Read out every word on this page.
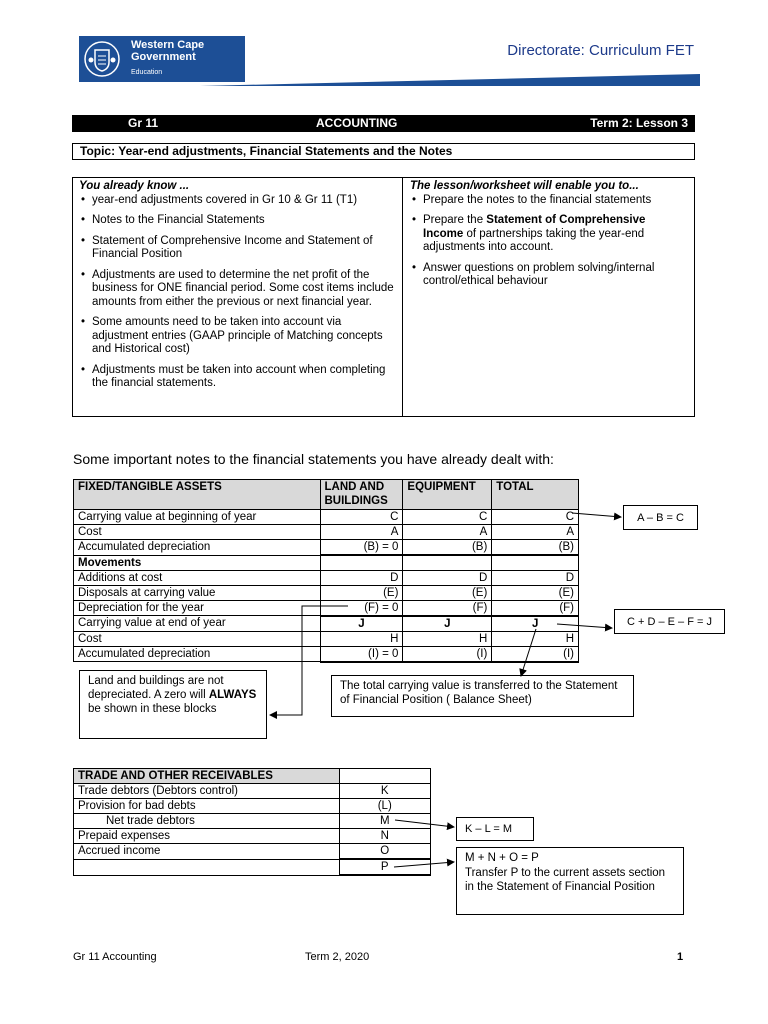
Western Cape
Government
Education
Directorate: Curriculum FET
Gr 11	ACCOUNTING	Term 2: Lesson 3
Topic: Year-end adjustments, Financial Statements and the Notes
You already know ...
• year-end adjustments covered in Gr 10 & Gr 11 (T1)
• Notes to the Financial Statements
• Statement of Comprehensive Income and Statement of Financial Position
• Adjustments are used to determine the net profit of the business for ONE financial period. Some cost items include amounts from either the previous or next financial year.
• Some amounts need to be taken into account via adjustment entries (GAAP principle of Matching concepts and Historical cost)
• Adjustments must be taken into account when completing the financial statements.
The lesson/worksheet will enable you to...
• Prepare the notes to the financial statements
• Prepare the Statement of Comprehensive Income of partnerships taking the year-end adjustments into account.
• Answer questions on problem solving/internal control/ethical behaviour
Some important notes to the financial statements you have already dealt with:
FIXED/TANGIBLE ASSETS	LAND AND BUILDINGS	EQUIPMENT	TOTAL
Carrying value at beginning of year	C	C	C
Cost	A	A	A
Accumulated depreciation	(B) = 0	(B)	(B)
Movements			
Additions at cost	D	D	D
Disposals at carrying value	(E)	(E)	(E)
Depreciation for the year	(F) = 0	(F)	(F)
Carrying value at end of year	J	J	J
Cost	H	H	H
Accumulated depreciation	(I) = 0	(I)	(I)
TRADE AND OTHER RECEIVABLES	
Trade debtors (Debtors control)	K
Provision for bad debts	(L)
Net trade debtors	M
Prepaid expenses	N
Accrued income	O
	P
Land and buildings are not depreciated. A zero will ALWAYS be shown in these blocks
The total carrying value is transferred to the Statement of Financial Position ( Balance Sheet)
A – B = C
C + D – E – F = J
K – L = M
M + N + O = P
Transfer P to the current assets section in the Statement of Financial Position
Gr 11 Accounting	Term 2, 2020	1
